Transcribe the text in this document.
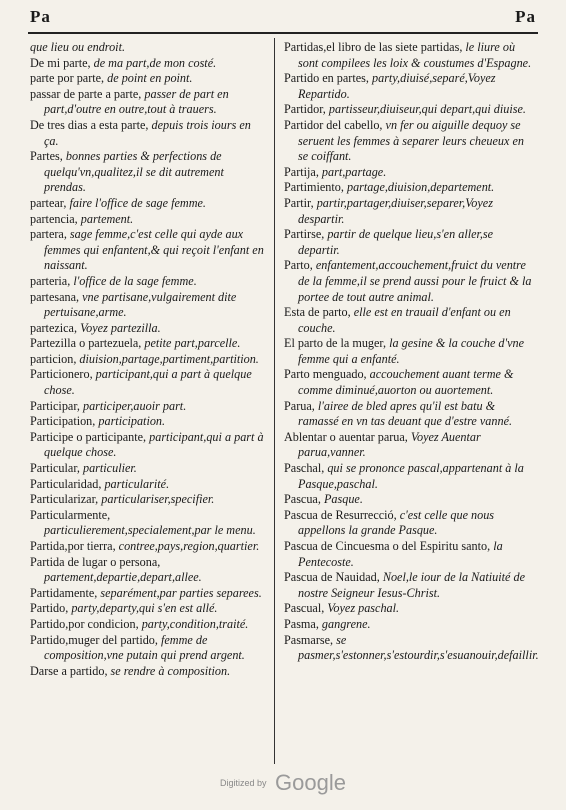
Pa	Pa

que lieu ou endroit.

De mi parte, de ma part,de mon costé.

parte por parte, de point en point.

passar de parte a parte, passer de part en part,d'outre en outre,tout à trauers.

De tres dias a esta parte, depuis trois iours en ça.

Partes, bonnes parties & perfections de quelqu'vn,qualitez,il se dit autrement prendas.

partear, faire l'office de sage femme.

partencia, partement.

partera, sage femme,c'est celle qui ayde aux femmes qui enfantent,& qui reçoit l'enfant en naissant.

parteria, l'office de la sage femme.

partesana, vne partisane,vulgairement dite pertuisane,arme.

partezica, Voyez partezilla.

Partezilla o partezuela, petite part,parcelle.

particion, diuision,partage,partiment,partition.

Particionero, participant,qui a part à quelque chose.

Participar, participer,auoir part.

Participation, participation.

Participe o participante, participant,qui a part à quelque chose.

Particular, particulier.

Particularidad, particularité.

Particularizar, particulariser,specifier.

Particularmente, particulierement,specialement,par le menu.

Partida,por tierra, contree,pays,region,quartier.

Partida de lugar o persona, partement,departie,depart,allee.

Partidamente, separément,par parties separees.

Partido, party,departy,qui s'en est allé.

Partido,por condicion, party,condition,traité.

Partido,muger del partido, femme de composition,vne putain qui prend argent.

Darse a partido, se rendre à composition.

Partidas,el libro de las siete partidas, le liure où sont compilees les loix & coustumes d'Espagne.

Partido en partes, party,diuisé,separé,Voyez Repartido.

Partidor, partisseur,diuiseur,qui depart,qui diuise.

Partidor del cabello, vn fer ou aiguille dequoy se seruent les femmes à separer leurs cheueux en se coiffant.

Partija, part,partage.

Partimiento, partage,diuision,departement.

Partir, partir,partager,diuiser,separer,Voyez despartir.

Partirse, partir de quelque lieu,s'en aller,se departir.

Parto, enfantement,accouchement,fruict du ventre de la femme,il se prend aussi pour le fruict & la portee de tout autre animal.

Esta de parto, elle est en trauail d'enfant ou en couche.

El parto de la muger, la gesine & la couche d'vne femme qui a enfanté.

Parto menguado, accouchement auant terme & comme diminué,auorton ou auortement.

Parua, l'airee de bled apres qu'il est batu & ramassé en vn tas deuant que d'estre vanné.

Ablentar o auentar parua, Voyez Auentar parua,vanner.

Paschal, qui se prononce pascal,appartenant à la Pasque,paschal.

Pascua, Pasque.

Pascua de Resurrecció, c'est celle que nous appellons la grande Pasque.

Pascua de Cincuesma o del Espiritu santo, la Pentecoste.

Pascua de Nauidad, Noel,le iour de la Natiuité de nostre Seigneur Iesus-Christ.

Pascual, Voyez paschal.

Pasma, gangrene.

Pasmarse, se pasmer,s'estonner,s'estourdir,s'esuanouir,defaillir.

Digitized by Google
